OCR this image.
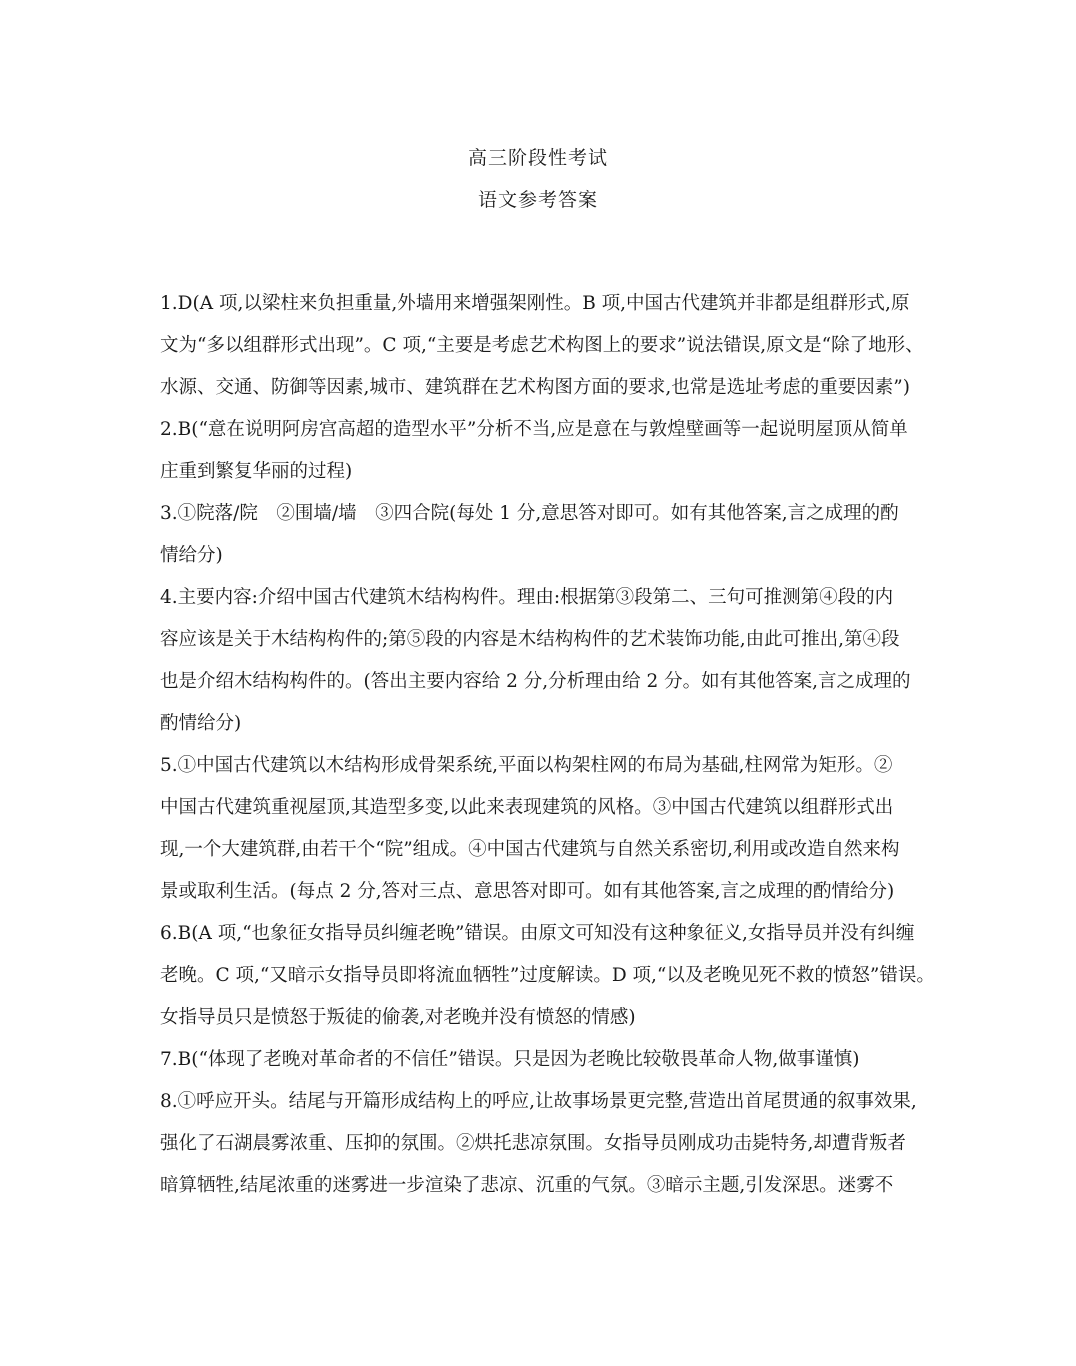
高三阶段性考试
语文参考答案
1.D(A 项,以梁柱来负担重量,外墙用来增强架刚性。B 项,中国古代建筑并非都是组群形式,原
文为“多以组群形式出现”。C 项,“主要是考虑艺术构图上的要求”说法错误,原文是“除了地形、
水源、交通、防御等因素,城市、建筑群在艺术构图方面的要求,也常是选址考虑的重要因素”)
2.B(“意在说明阿房宫高超的造型水平”分析不当,应是意在与敦煌壁画等一起说明屋顶从简单
庄重到繁复华丽的过程)
3.①院落/院　②围墙/墙　③四合院(每处 1 分,意思答对即可。如有其他答案,言之成理的酌
情给分)
4.主要内容:介绍中国古代建筑木结构构件。理由:根据第③段第二、三句可推测第④段的内
容应该是关于木结构构件的;第⑤段的内容是木结构构件的艺术装饰功能,由此可推出,第④段
也是介绍木结构构件的。(答出主要内容给 2 分,分析理由给 2 分。如有其他答案,言之成理的
酌情给分)
5.①中国古代建筑以木结构形成骨架系统,平面以构架柱网的布局为基础,柱网常为矩形。②
中国古代建筑重视屋顶,其造型多变,以此来表现建筑的风格。③中国古代建筑以组群形式出
现,一个大建筑群,由若干个“院”组成。④中国古代建筑与自然关系密切,利用或改造自然来构
景或取利生活。(每点 2 分,答对三点、意思答对即可。如有其他答案,言之成理的酌情给分)
6.B(A 项,“也象征女指导员纠缠老晚”错误。由原文可知没有这种象征义,女指导员并没有纠缠
老晚。C 项,“又暗示女指导员即将流血牺牲”过度解读。D 项,“以及老晚见死不救的愤怒”错误。
女指导员只是愤怒于叛徒的偷袭,对老晚并没有愤怒的情感)
7.B(“体现了老晚对革命者的不信任”错误。只是因为老晚比较敬畏革命人物,做事谨慎)
8.①呼应开头。结尾与开篇形成结构上的呼应,让故事场景更完整,营造出首尾贯通的叙事效果,
强化了石湖晨雾浓重、压抑的氛围。②烘托悲凉氛围。女指导员刚成功击毙特务,却遭背叛者
暗算牺牲,结尾浓重的迷雾进一步渲染了悲凉、沉重的气氛。③暗示主题,引发深思。迷雾不
